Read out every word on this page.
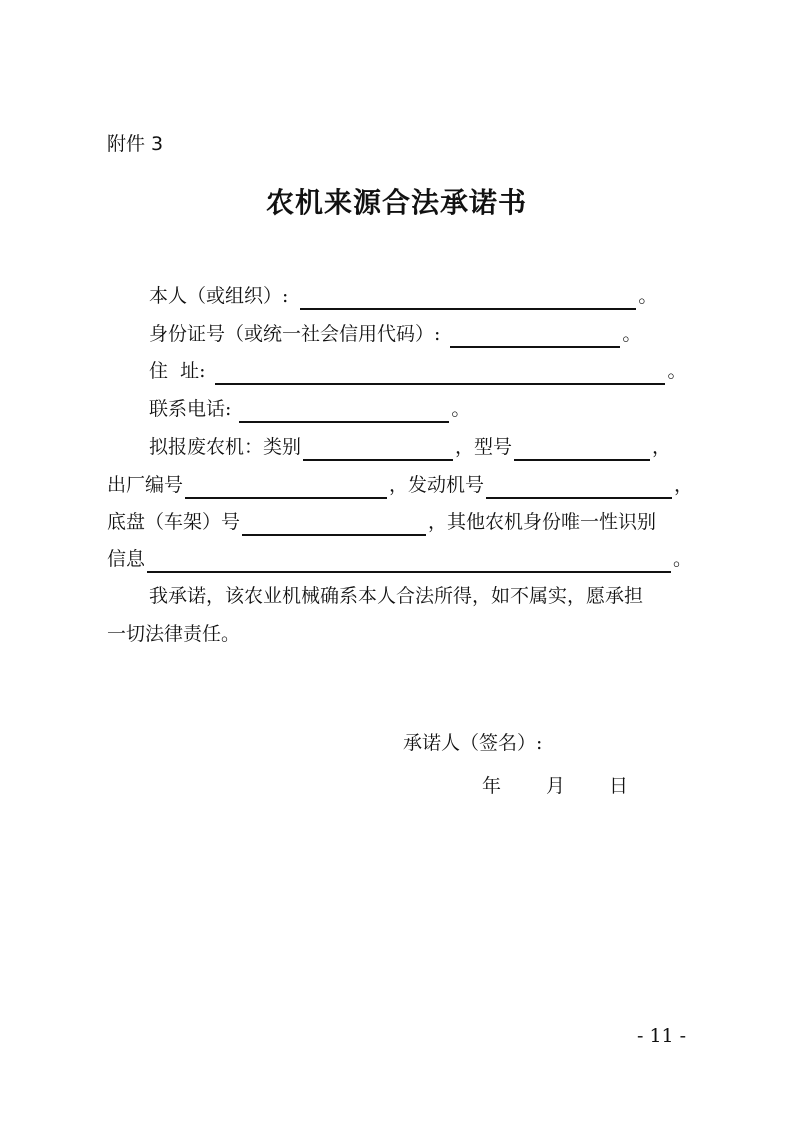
附件 3
农机来源合法承诺书
本人（或组织）:	。
身份证号（或统一社会信用代码）:	。
住  址:	。
联系电话:	。
拟报废农机：类别	，型号	，
出厂编号	，发动机号	，
底盘（车架）号	，其他农机身份唯一性识别
信息	。
我承诺，该农业机械确系本人合法所得，如不属实，愿承担
一切法律责任。
承诺人（签名）:
年 月 日
- 11 -
